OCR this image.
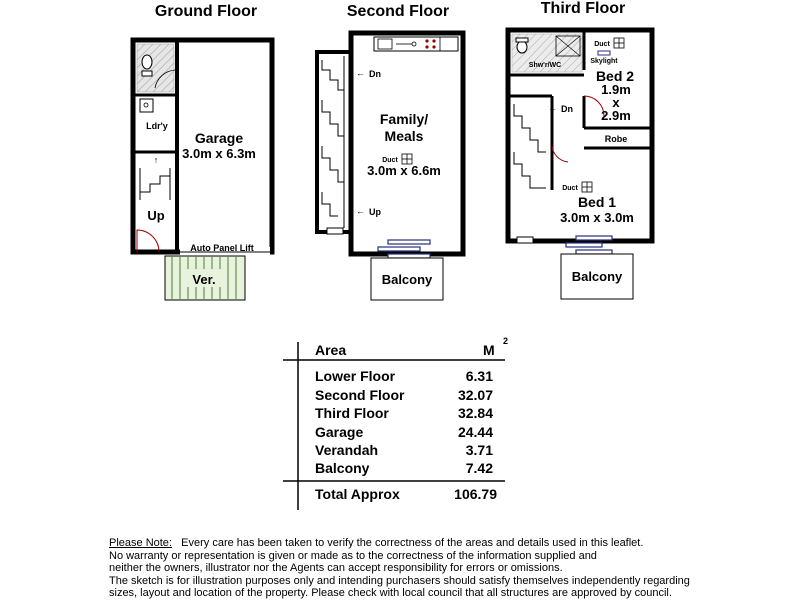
Ground Floor
Ldr'y
↑
Up
Garage
3.0m x 6.3m
Auto Panel Lift
Ver.
Second Floor
← Dn
← Up
Family/
Meals
Duct
3.0m x 6.6m
Balcony
Third Floor
Shw'r/WC
← Dn
Duct
Skylight
Bed 2
1.9m
x
2.9m
Robe
Duct
Bed 1
3.0m x 3.0m
Balcony
Area	M
2
Lower Floor	6.31
Second Floor	32.07
Third Floor	32.84
Garage	24.44
Verandah	3.71
Balcony	7.42
Total Approx	106.79

Please Note: Every care has been taken to verify the correctness of the areas and details used in this leaflet.

No warranty or representation is given or made as to the correctness of the information supplied and

neither the owners, illustrator nor the Agents can accept responsibility for errors or omissions.

The sketch is for illustration purposes only and intending purchasers should satisfy themselves independently regarding

sizes, layout and location of the property. Please check with local council that all structures are approved by council.
